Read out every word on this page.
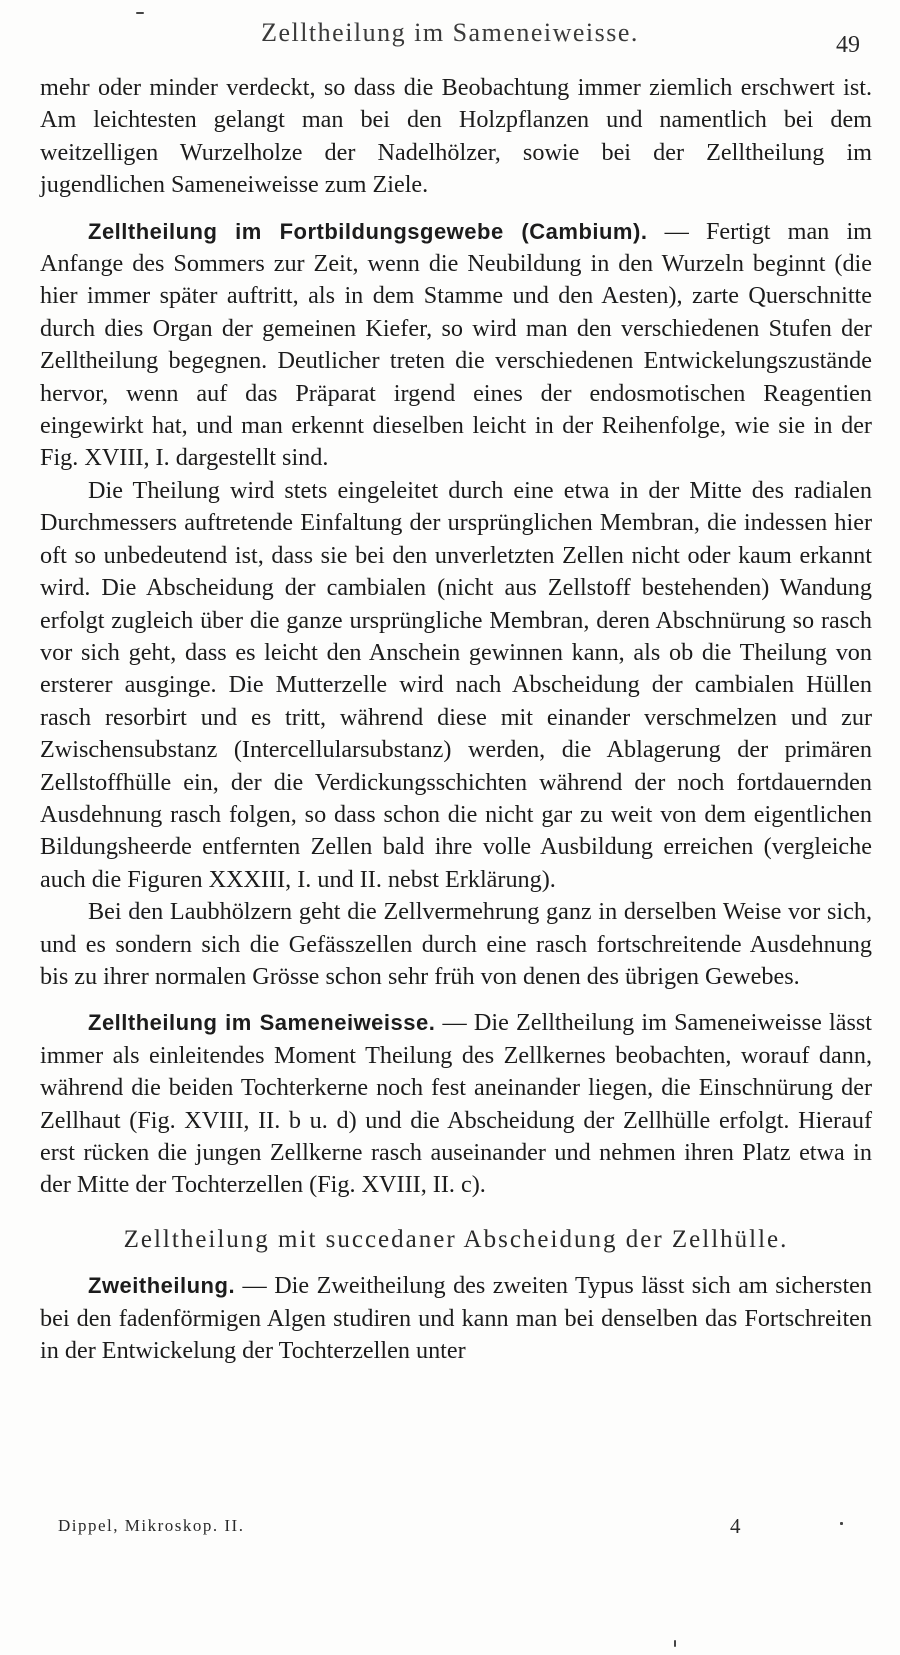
Zelltheilung im Sameneiweisse.	49

mehr oder minder verdeckt, so dass die Beobachtung immer ziemlich erschwert ist. Am leichtesten gelangt man bei den Holzpflanzen und namentlich bei dem weitzelligen Wurzelholze der Nadelhölzer, sowie bei der Zelltheilung im jugendlichen Sameneiweisse zum Ziele.

Zelltheilung im Fortbildungsgewebe (Cambium). — Fertigt man im Anfange des Sommers zur Zeit, wenn die Neubildung in den Wurzeln beginnt (die hier immer später auftritt, als in dem Stamme und den Aesten), zarte Querschnitte durch dies Organ der gemeinen Kiefer, so wird man den verschiedenen Stufen der Zelltheilung begegnen. Deutlicher treten die verschiedenen Entwickelungszustände hervor, wenn auf das Präparat irgend eines der endosmotischen Reagentien eingewirkt hat, und man erkennt dieselben leicht in der Reihenfolge, wie sie in der Fig. XVIII, I. dargestellt sind.

Die Theilung wird stets eingeleitet durch eine etwa in der Mitte des radialen Durchmessers auftretende Einfaltung der ursprünglichen Membran, die indessen hier oft so unbedeutend ist, dass sie bei den unverletzten Zellen nicht oder kaum erkannt wird. Die Abscheidung der cambialen (nicht aus Zellstoff bestehenden) Wandung erfolgt zugleich über die ganze ursprüngliche Membran, deren Abschnürung so rasch vor sich geht, dass es leicht den Anschein gewinnen kann, als ob die Theilung von ersterer ausginge. Die Mutterzelle wird nach Abscheidung der cambialen Hüllen rasch resorbirt und es tritt, während diese mit einander verschmelzen und zur Zwischensubstanz (Intercellularsubstanz) werden, die Ablagerung der primären Zellstoffhülle ein, der die Verdickungsschichten während der noch fortdauernden Ausdehnung rasch folgen, so dass schon die nicht gar zu weit von dem eigentlichen Bildungsheerde entfernten Zellen bald ihre volle Ausbildung erreichen (vergleiche auch die Figuren XXXIII, I. und II. nebst Erklärung).

Bei den Laubhölzern geht die Zellvermehrung ganz in derselben Weise vor sich, und es sondern sich die Gefässzellen durch eine rasch fortschreitende Ausdehnung bis zu ihrer normalen Grösse schon sehr früh von denen des übrigen Gewebes.

Zelltheilung im Sameneiweisse. — Die Zelltheilung im Sameneiweisse lässt immer als einleitendes Moment Theilung des Zellkernes beobachten, worauf dann, während die beiden Tochterkerne noch fest aneinander liegen, die Einschnürung der Zellhaut (Fig. XVIII, II. b u. d) und die Abscheidung der Zellhülle erfolgt. Hierauf erst rücken die jungen Zellkerne rasch auseinander und nehmen ihren Platz etwa in der Mitte der Tochterzellen (Fig. XVIII, II. c).

Zelltheilung mit succedaner Abscheidung der Zellhülle.

Zweitheilung. — Die Zweitheilung des zweiten Typus lässt sich am sichersten bei den fadenförmigen Algen studiren und kann man bei denselben das Fortschreiten in der Entwickelung der Tochterzellen unter

Dippel, Mikroskop. II.	4
